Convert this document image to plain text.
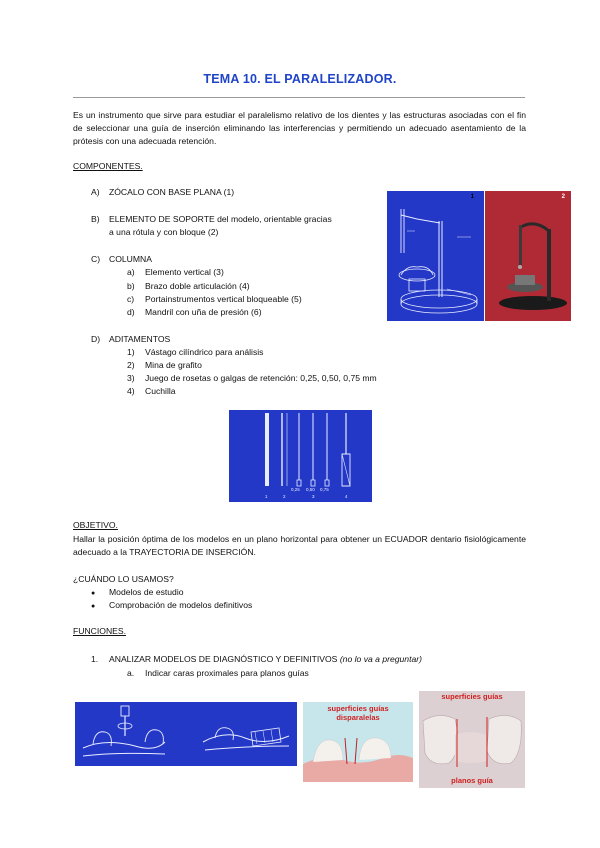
TEMA 10. EL PARALELIZADOR.
Es un instrumento que sirve para estudiar el paralelismo relativo de los dientes y las estructuras asociadas con el fin de seleccionar una guía de inserción eliminando las interferencias y permitiendo un adecuado asentamiento de la prótesis con una adecuada retención.
COMPONENTES.
A) ZÓCALO CON BASE PLANA (1)
B) ELEMENTO DE SOPORTE del modelo, orientable gracias
a una rótula y con bloque (2)
C) COLUMNA
a) Elemento vertical (3)
b) Brazo doble articulación (4)
c) Portainstrumentos vertical bloqueable (5)
d) Mandril con uña de presión (6)
D) ADITAMENTOS
1) Vástago cilíndrico para análisis
2) Mina de grafito
3) Juego de rosetas o galgas de retención: 0,25, 0,50, 0,75 mm
4) Cuchilla
1	2
0,25 0,50 0,75
1	2	3	4
OBJETIVO.
Hallar la posición óptima de los modelos en un plano horizontal para obtener un ECUADOR dentario fisiológicamente adecuado a la TRAYECTORIA DE INSERCIÓN.
¿CUÁNDO LO USAMOS?
● Modelos de estudio
● Comprobación de modelos definitivos
FUNCIONES.
1. ANALIZAR MODELOS DE DIAGNÓSTICO Y DEFINITIVOS (no lo va a preguntar)
a. Indicar caras proximales para planos guías
superficies guías
disparalelas
superficies guías
planos guía
